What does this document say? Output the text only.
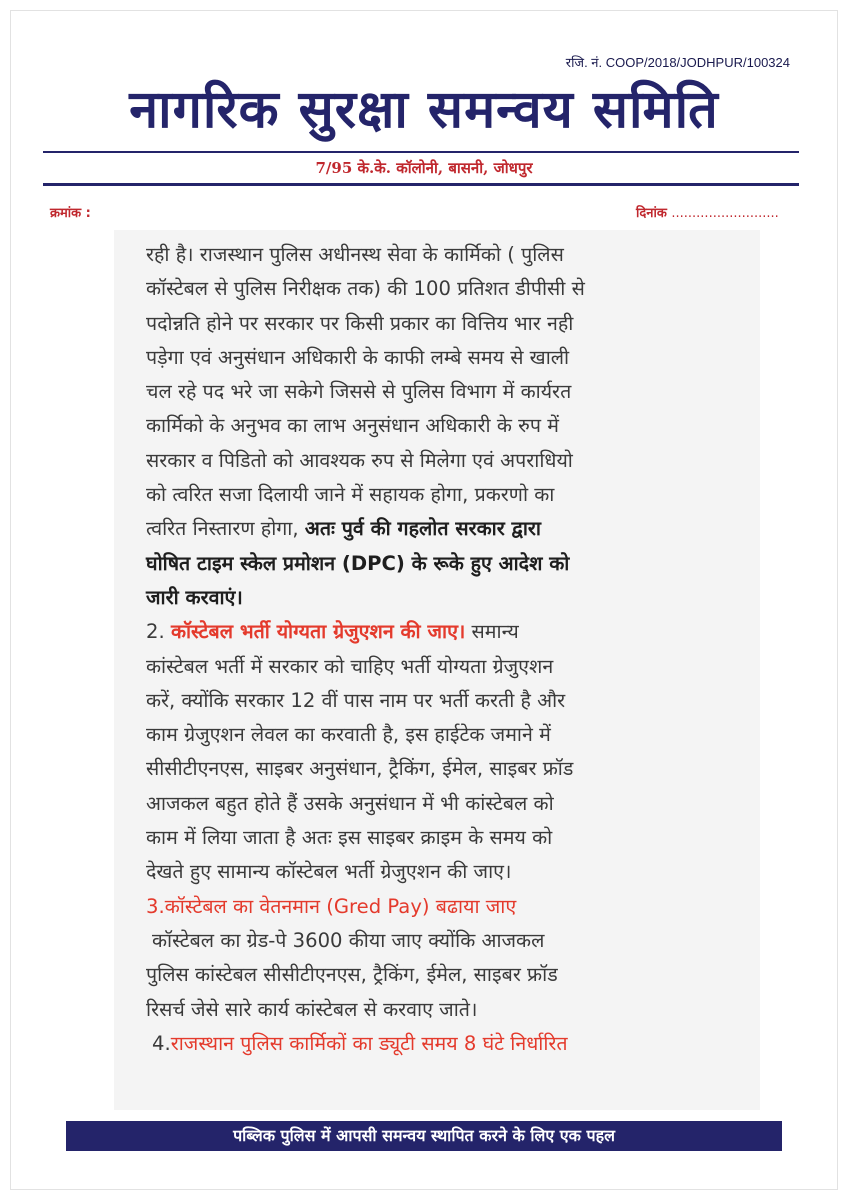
रजि. नं. COOP/2018/JODHPUR/100324
नागरिक सुरक्षा समन्वय समिति
7/95 के.के. कॉलोनी, बासनी, जोधपुर
क्रमांक :	दिनांक ..........................
रही है। राजस्थान पुलिस अधीनस्थ सेवा के कार्मिको ( पुलिस
कॉस्टेबल से पुलिस निरीक्षक तक) की 100 प्रतिशत डीपीसी से
पदोन्नति होने पर सरकार पर किसी प्रकार का वित्तिय भार नही
पड़ेगा एवं अनुसंधान अधिकारी के काफी लम्बे समय से खाली
चल रहे पद भरे जा सकेगे जिससे से पुलिस विभाग में कार्यरत
कार्मिको के अनुभव का लाभ अनुसंधान अधिकारी के रुप में
सरकार व पिडितो को आवश्यक रुप से मिलेगा एवं अपराधियो
को त्वरित सजा दिलायी जाने में सहायक होगा, प्रकरणो का
त्वरित निस्तारण होगा, अतः पुर्व की गहलोत सरकार द्वारा
घोषित टाइम स्केल प्रमोशन (DPC) के रूके हुए आदेश को
जारी करवाएं।
2. कॉस्टेबल भर्ती योग्यता ग्रेजुएशन की जाए। समान्य
कांस्टेबल भर्ती में सरकार को चाहिए भर्ती योग्यता ग्रेजुएशन
करें, क्योंकि सरकार 12 वीं पास नाम पर भर्ती करती है और
काम ग्रेजुएशन लेवल का करवाती है, इस हाईटेक जमाने में
सीसीटीएनएस, साइबर अनुसंधान, ट्रैकिंग, ईमेल, साइबर फ्रॉड
आजकल बहुत होते हैं उसके अनुसंधान में भी कांस्टेबल को
काम में लिया जाता है अतः इस साइबर क्राइम के समय को
देखते हुए सामान्य कॉस्टेबल भर्ती ग्रेजुएशन की जाए।
3.कॉस्टेबल का वेतनमान (Gred Pay) बढाया जाए
कॉस्टेबल का ग्रेड-पे 3600 कीया जाए क्योंकि आजकल
पुलिस कांस्टेबल सीसीटीएनएस, ट्रैकिंग, ईमेल, साइबर फ्रॉड
रिसर्च जेसे सारे कार्य कांस्टेबल से करवाए जाते।
4.राजस्थान पुलिस कार्मिकों का ड्यूटी समय 8 घंटे निर्धारित
पब्लिक पुलिस में आपसी समन्वय स्थापित करने के लिए एक पहल
